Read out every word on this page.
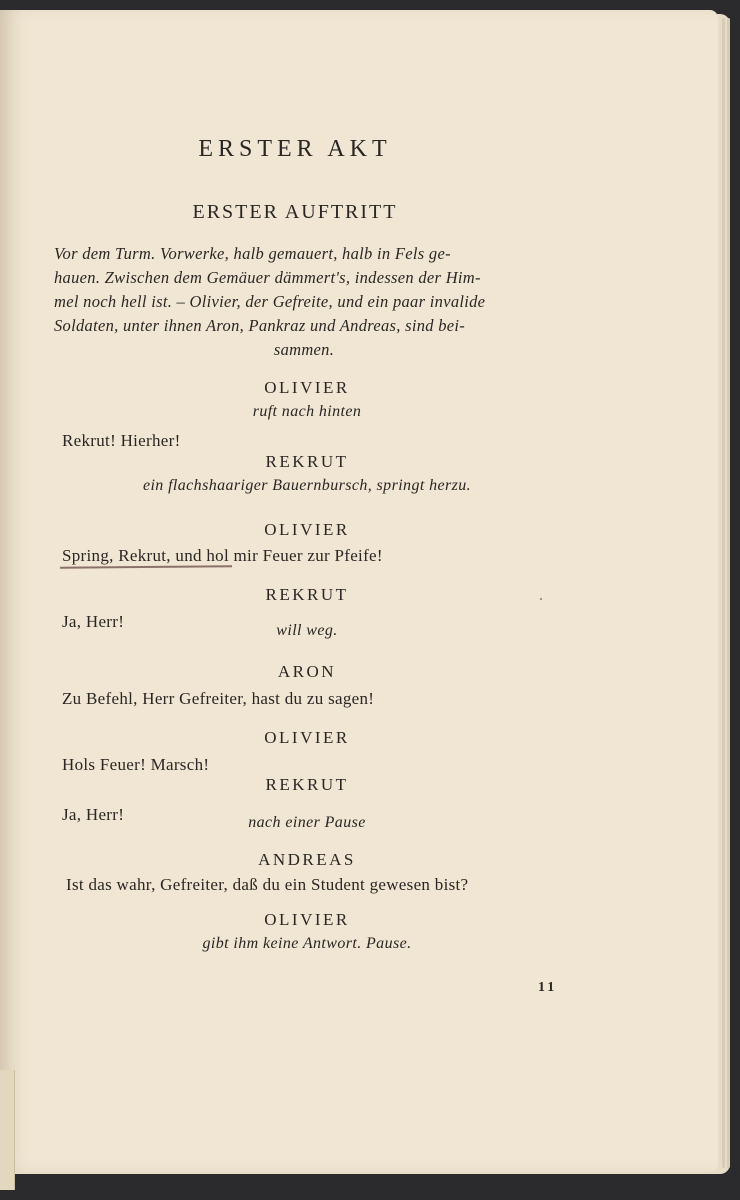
ERSTER AKT
ERSTER AUFTRITT
Vor dem Turm. Vorwerke, halb gemauert, halb in Fels ge-
hauen. Zwischen dem Gemäuer dämmert's, indessen der Him-
mel noch hell ist. – Olivier, der Gefreite, und ein paar invalide
Soldaten, unter ihnen Aron, Pankraz und Andreas, sind bei-
sammen.
OLIVIER
ruft nach hinten
Rekrut! Hierher!
REKRUT
ein flachshaariger Bauernbursch, springt herzu.
OLIVIER
Spring, Rekrut, und hol mir Feuer zur Pfeife!
REKRUT
Ja, Herr!	will weg.
ARON
Zu Befehl, Herr Gefreiter, hast du zu sagen!
OLIVIER
Hols Feuer! Marsch!
REKRUT
Ja, Herr!	nach einer Pause
ANDREAS
Ist das wahr, Gefreiter, daß du ein Student gewesen bist?
OLIVIER
gibt ihm keine Antwort. Pause.
11
